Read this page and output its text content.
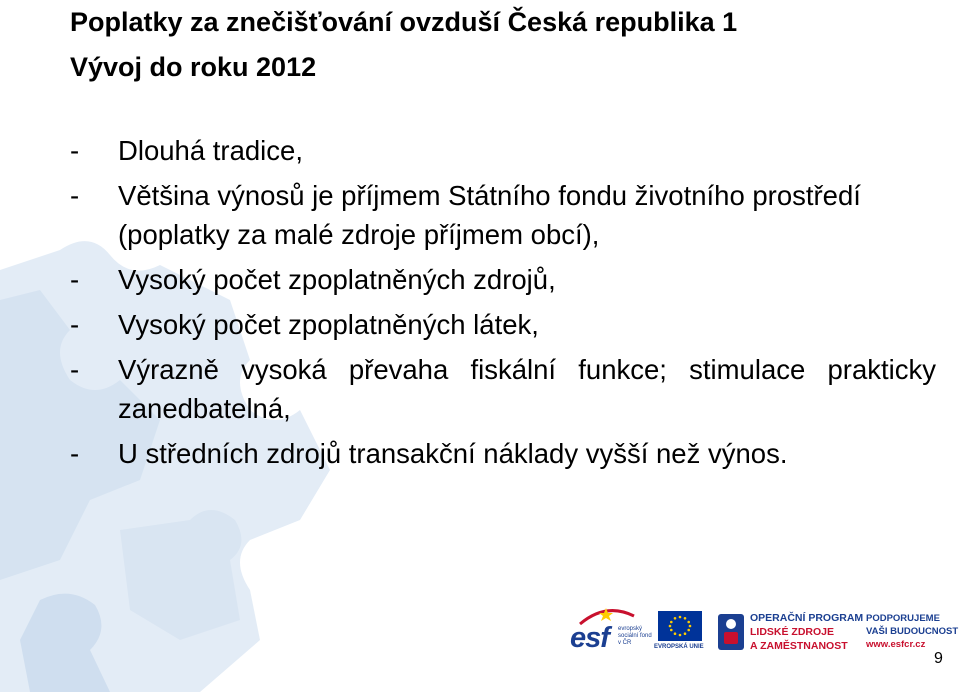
Poplatky za znečišťování ovzduší Česká republika 1
Vývoj do roku 2012
- Dlouhá tradice,
- Většina výnosů je příjmem Státního fondu životního prostředí (poplatky za malé zdroje příjmem obcí),
- Vysoký počet zpoplatněných zdrojů,
- Vysoký počet zpoplatněných látek,
- Výrazně vysoká převaha fiskální funkce; stimulace prakticky zanedbatelná,
- U středních zdrojů transakční náklady vyšší než výnos.
esf evropský sociální fond v ČR
EVROPSKÁ UNIE
OPERAČNÍ PROGRAM
LIDSKÉ ZDROJE
A ZAMĚSTNANOST
PODPORUJEME
VAŠI BUDOUCNOST
www.esfcr.cz
9
